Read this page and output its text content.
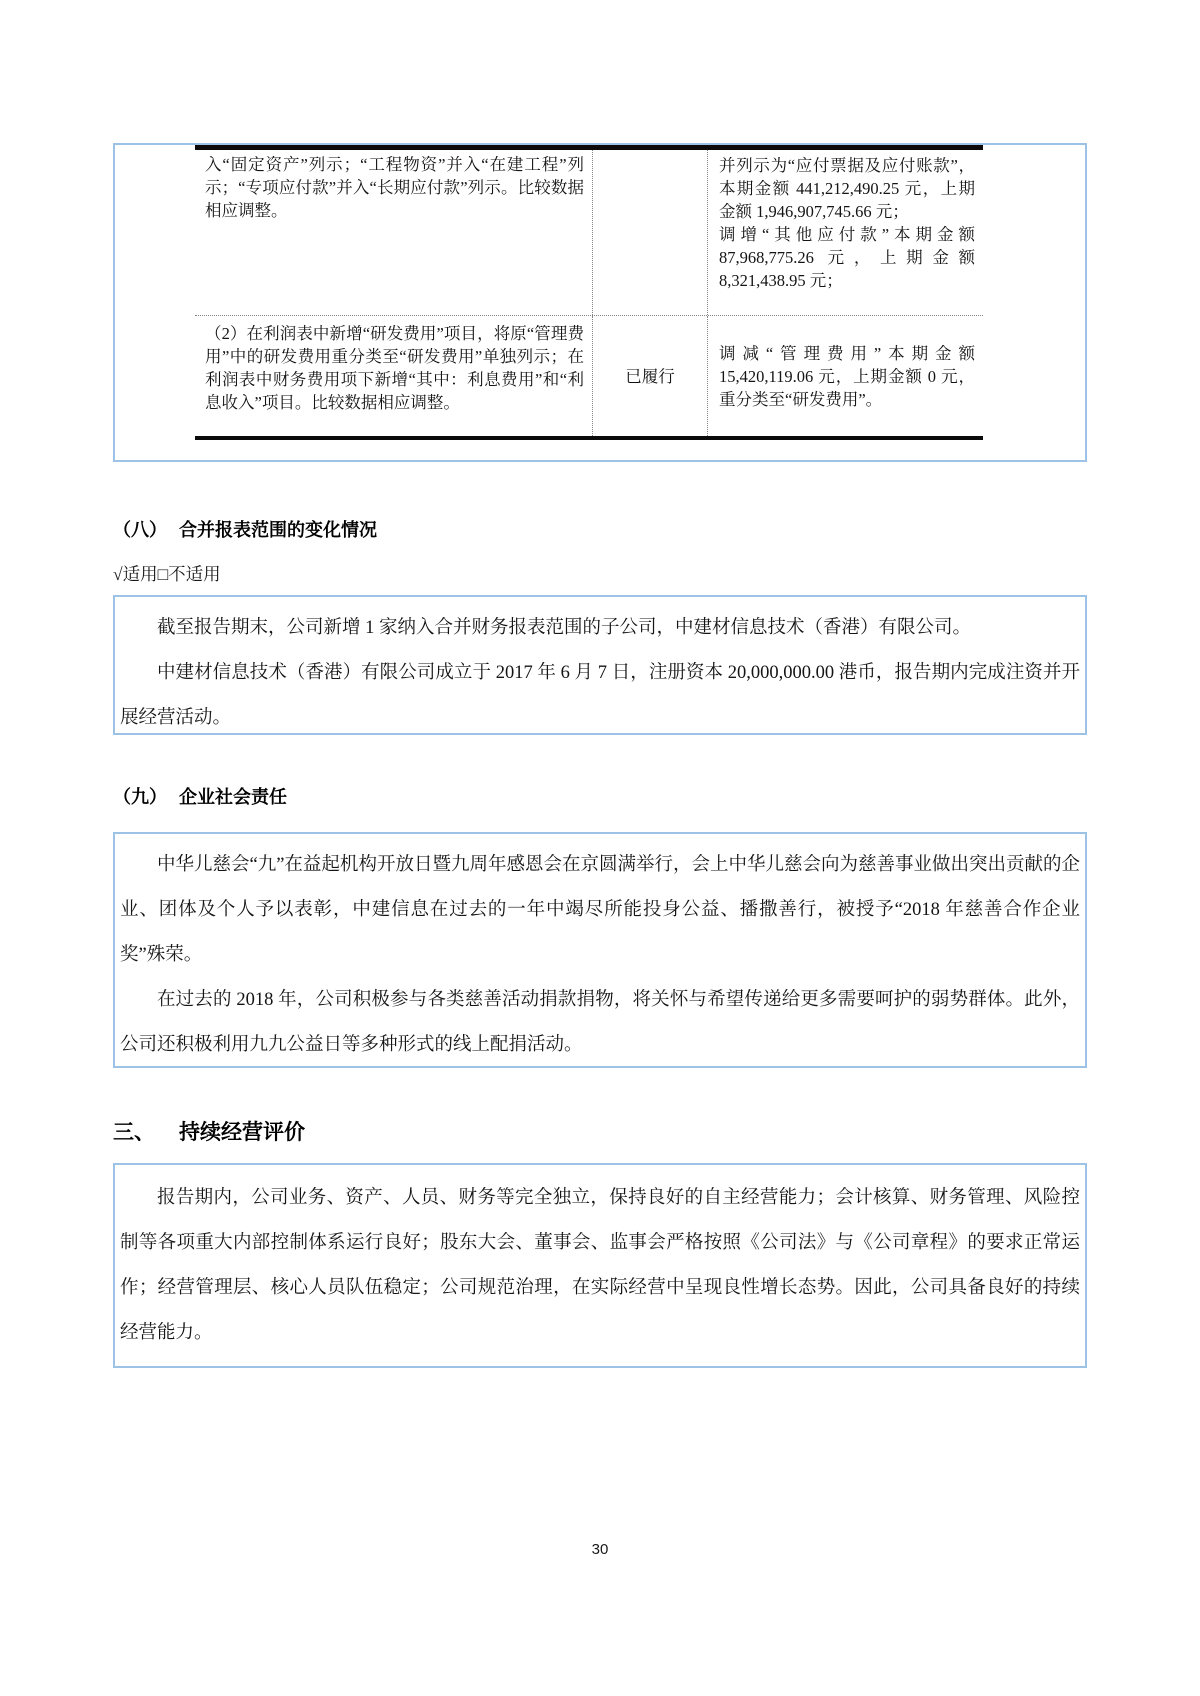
入“固定资产”列示；“工程物资”并入“在建工程”列示；“专项应付款”并入“长期应付款”列示。比较数据相应调整。

并列示为“应付票据及应付账款”，本期金额 441,212,490.25 元，上期金额 1,946,907,745.66 元；

调增“其他应付款”本期金额 87,968,775.26 元，上期金额 8,321,438.95 元；

（2）在利润表中新增“研发费用”项目，将原“管理费用”中的研发费用重分类至“研发费用”单独列示；在利润表中财务费用项下新增“其中：利息费用”和“利息收入”项目。比较数据相应调整。
已履行

调减“管理费用”本期金额 15,420,119.06 元，上期金额 0 元，重分类至“研发费用”。

（八） 合并报表范围的变化情况
√适用□不适用

截至报告期末，公司新增 1 家纳入合并财务报表范围的子公司，中建材信息技术（香港）有限公司。

中建材信息技术（香港）有限公司成立于 2017 年 6 月 7 日，注册资本 20,000,000.00 港币，报告期内完成注资并开展经营活动。

（九） 企业社会责任

中华儿慈会“九”在益起机构开放日暨九周年感恩会在京圆满举行，会上中华儿慈会向为慈善事业做出突出贡献的企业、团体及个人予以表彰，中建信息在过去的一年中竭尽所能投身公益、播撒善行，被授予“2018 年慈善合作企业奖”殊荣。

在过去的 2018 年，公司积极参与各类慈善活动捐款捐物，将关怀与希望传递给更多需要呵护的弱势群体。此外，公司还积极利用九九公益日等多种形式的线上配捐活动。

三、 持续经营评价

报告期内，公司业务、资产、人员、财务等完全独立，保持良好的自主经营能力；会计核算、财务管理、风险控制等各项重大内部控制体系运行良好；股东大会、董事会、监事会严格按照《公司法》与《公司章程》的要求正常运作；经营管理层、核心人员队伍稳定；公司规范治理，在实际经营中呈现良性增长态势。因此，公司具备良好的持续经营能力。

30
